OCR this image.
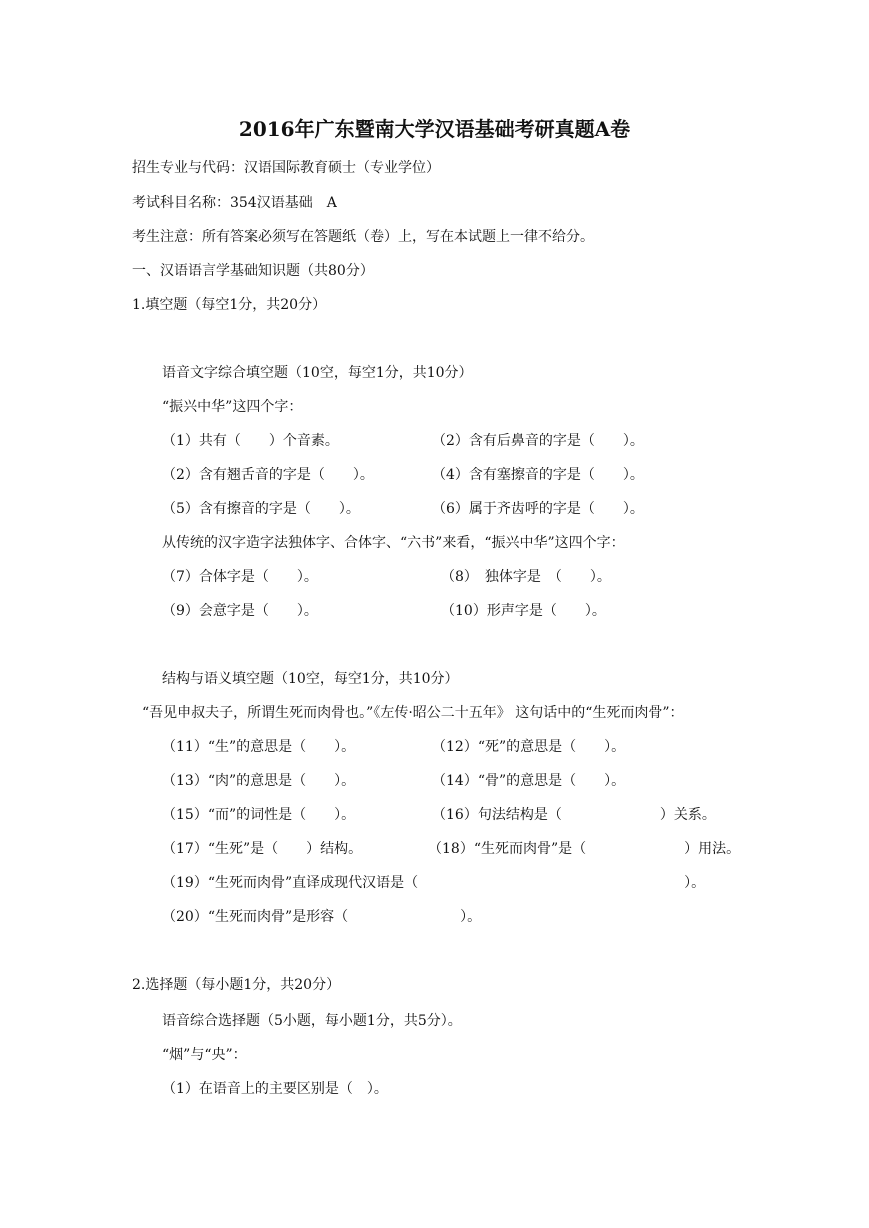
2016年广东暨南大学汉语基础考研真题A卷
招生专业与代码：汉语国际教育硕士（专业学位）
考试科目名称：354汉语基础　A
考生注意：所有答案必须写在答题纸（卷）上，写在本试题上一律不给分。
一、汉语语言学基础知识题（共80分）
1.填空题（每空1分，共20分）
语音文字综合填空题（10空，每空1分，共10分）
“振兴中华”这四个字：
（1）共有（　　）个音素。	（2）含有后鼻音的字是（　　）。
（2）含有翘舌音的字是（　　）。	（4）含有塞擦音的字是（　　）。
（5）含有擦音的字是（　　）。	（6）属于齐齿呼的字是（　　）。
从传统的汉字造字法独体字、合体字、“六书”来看，“振兴中华”这四个字：
（7）合体字是（　　）。	（8）　独体字是　（　　）。
（9）会意字是（　　）。	（10）形声字是（　　）。
结构与语义填空题（10空，每空1分，共10分）
“吾见申叔夫子，所谓生死而肉骨也。”《左传·昭公二十五年》 这句话中的“生死而肉骨”：
（11）“生”的意思是（　　）。	（12）“死”的意思是（　　）。
（13）“肉”的意思是（　　）。	（14）“骨”的意思是（　　）。
（15）“而”的词性是（　　）。	（16）句法结构是（　　　　　　　）关系。
（17）“生死”是（　　）结构。	（18）“生死而肉骨”是（　　　　　　　）用法。
（19）“生死而肉骨”直译成现代汉语是（　　　　　　　　　　　　　　　　　　　）。
（20）“生死而肉骨”是形容（　　　　　　　　）。
2.选择题（每小题1分，共20分）
语音综合选择题（5小题，每小题1分，共5分）。
“烟”与“央”：
（1）在语音上的主要区别是（　）。
